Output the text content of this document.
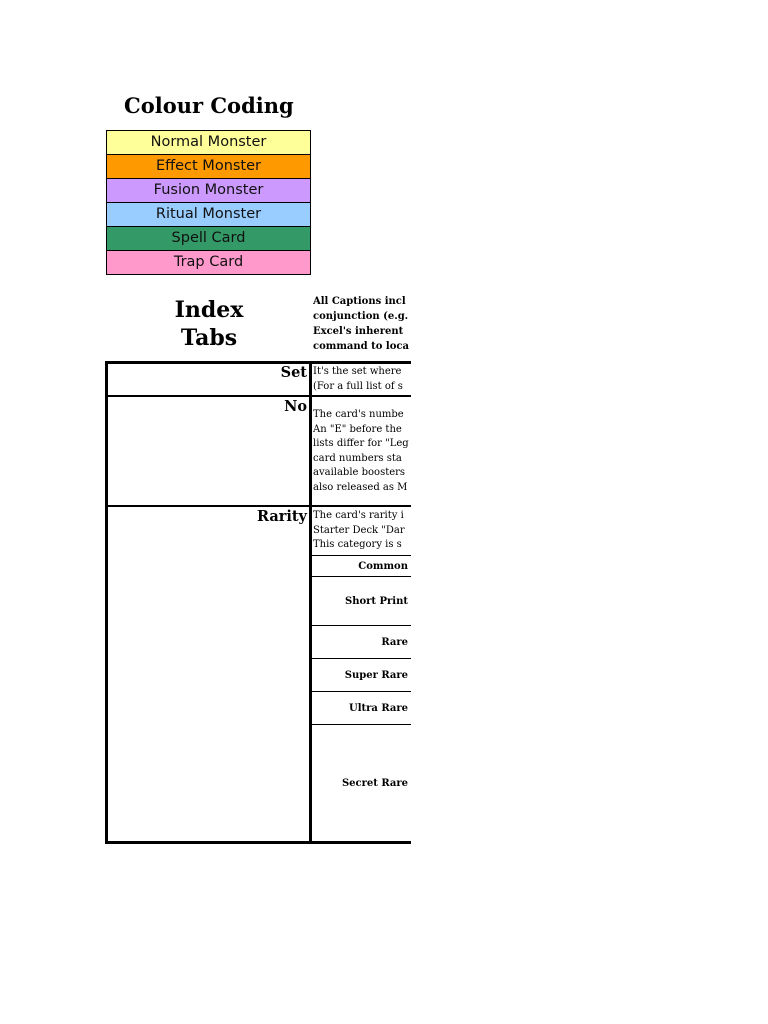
Colour Coding
Normal Monster
Effect Monster
Fusion Monster
Ritual Monster
Spell Card
Trap Card
Index
Tabs
All Captions incl
conjunction (e.g.
Excel's inherent
command to loca
Set It's the set where
(For a full list of s
No The card's numbe
An "E" before the
lists differ for "Leg
card numbers sta
available boosters
also released as M
Rarity The card's rarity i
Starter Deck "Dar
This category is s
Common
Short Print
Rare
Super Rare
Ultra Rare
Secret Rare
